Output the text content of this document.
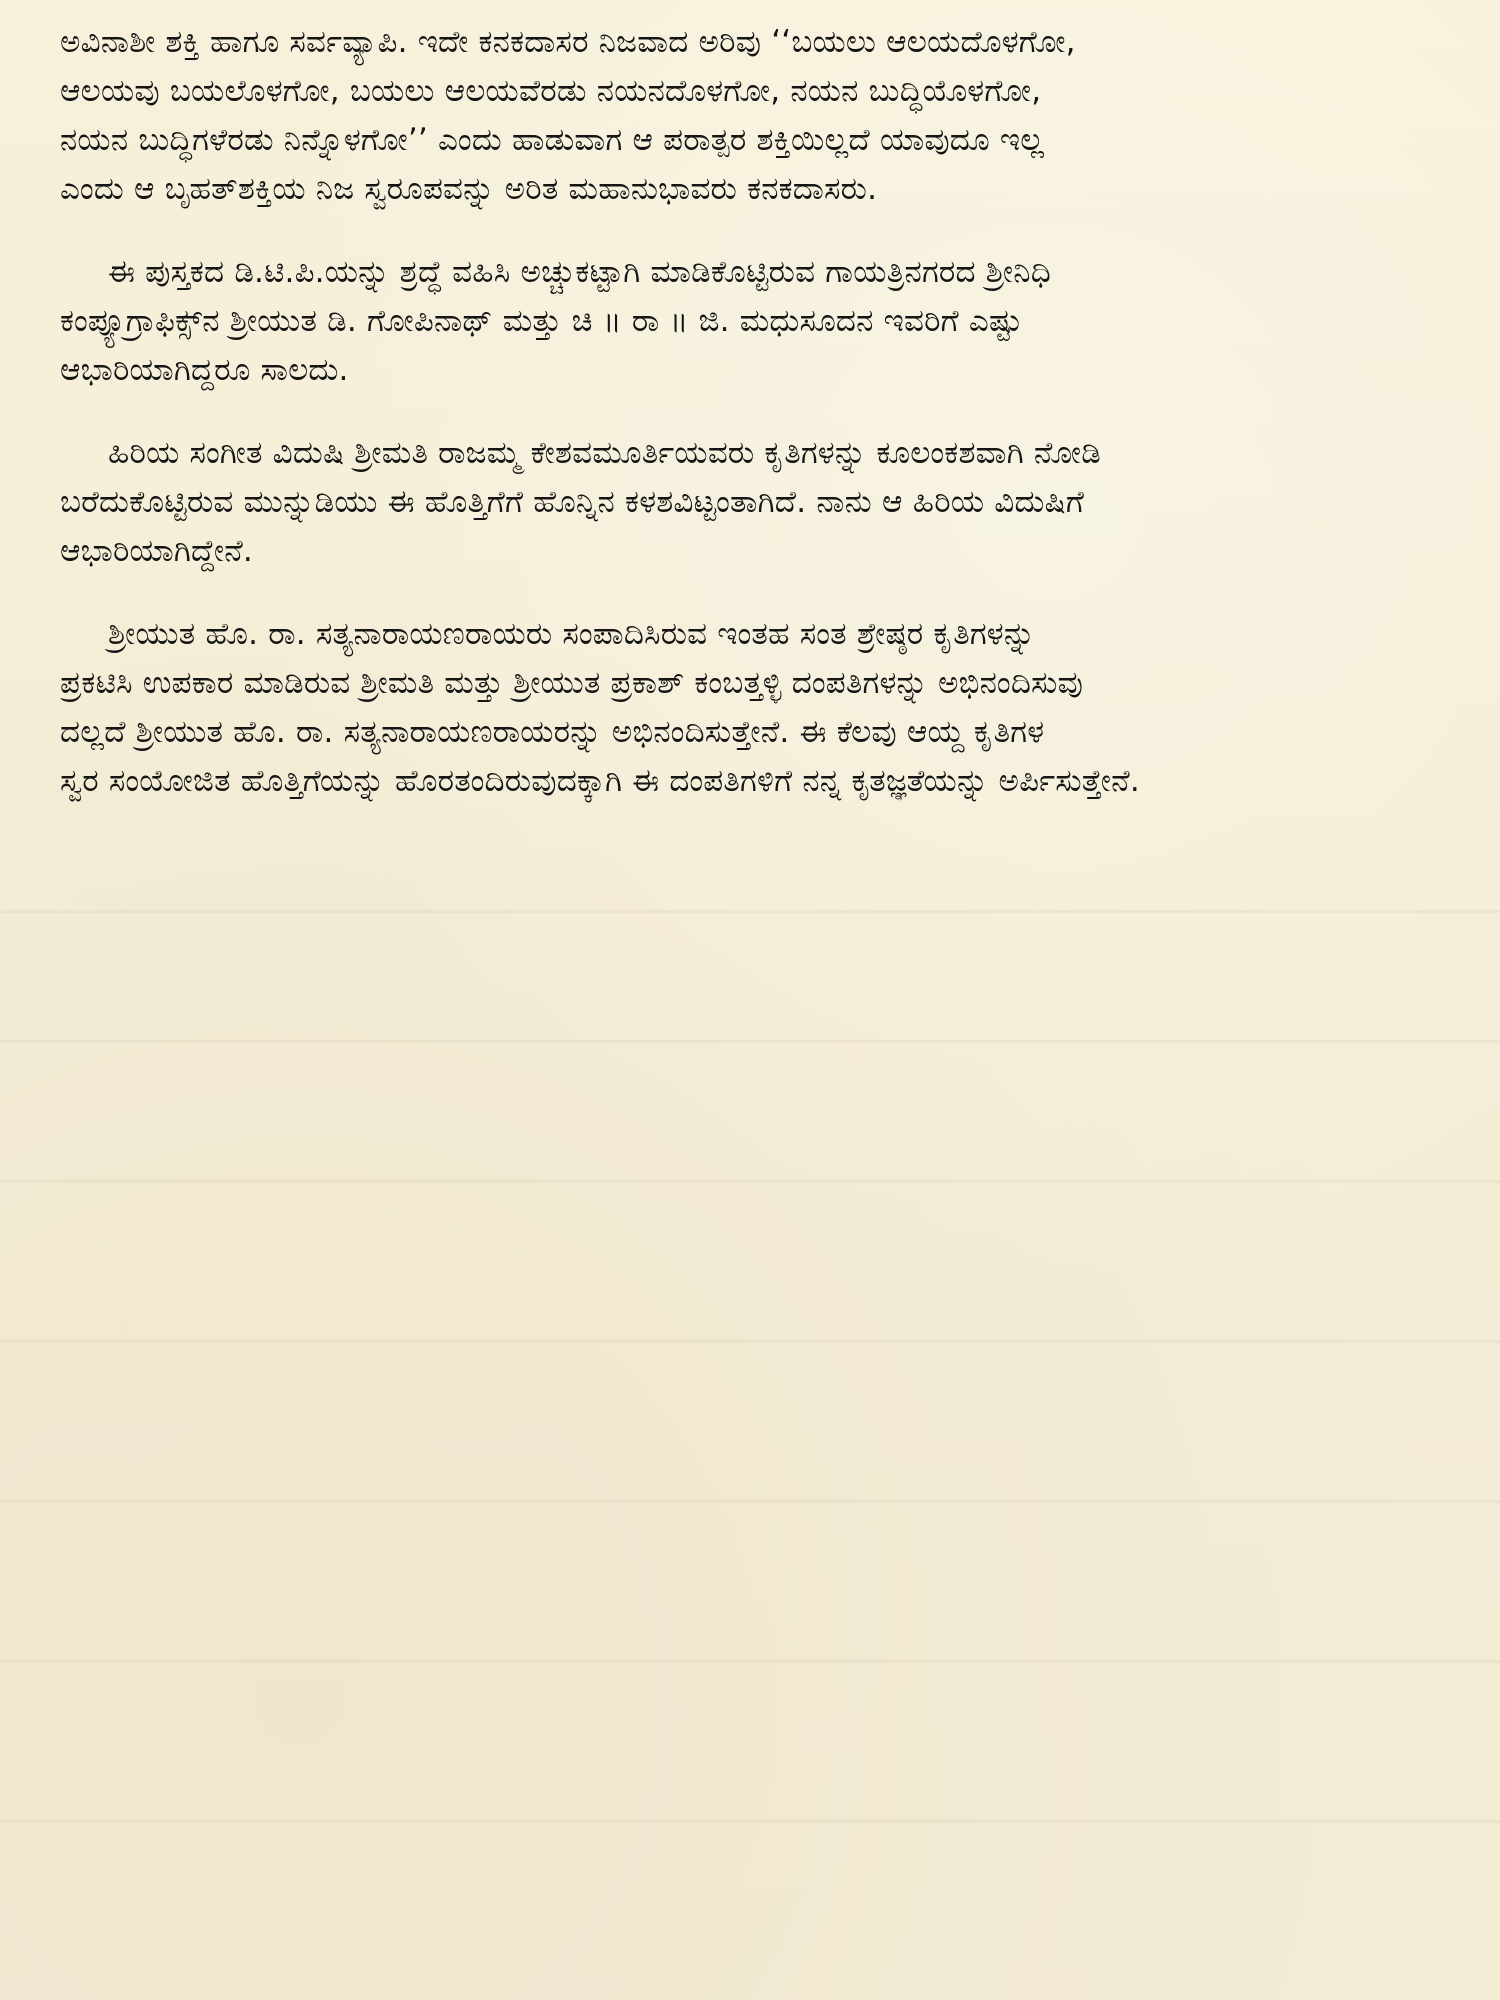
ಅವಿನಾಶೀ ಶಕ್ತಿ ಹಾಗೂ ಸರ್ವವ್ಯಾಪಿ. ಇದೇ ಕನಕದಾಸರ ನಿಜವಾದ ಅರಿವು ‘‘ಬಯಲು ಆಲಯದೊಳಗೋ,
ಆಲಯವು ಬಯಲೊಳಗೋ, ಬಯಲು ಆಲಯವೆರಡು ನಯನದೊಳಗೋ, ನಯನ ಬುದ್ಧಿಯೊಳಗೋ,
ನಯನ ಬುದ್ಧಿಗಳೆರಡು ನಿನ್ನೊಳಗೋ’’ ಎಂದು ಹಾಡುವಾಗ ಆ ಪರಾತ್ಪರ ಶಕ್ತಿಯಿಲ್ಲದೆ ಯಾವುದೂ ಇಲ್ಲ
ಎಂದು ಆ ಬೃಹತ್‌ಶಕ್ತಿಯ ನಿಜ ಸ್ವರೂಪವನ್ನು ಅರಿತ ಮಹಾನುಭಾವರು ಕನಕದಾಸರು.

ಈ ಪುಸ್ತಕದ ಡಿ.ಟಿ.ಪಿ.ಯನ್ನು ಶ್ರದ್ಧೆ ವಹಿಸಿ ಅಚ್ಚುಕಟ್ಟಾಗಿ ಮಾಡಿಕೊಟ್ಟಿರುವ ಗಾಯತ್ರಿನಗರದ ಶ್ರೀನಿಧಿ
ಕಂಪ್ಯೂಗ್ರಾಫಿಕ್ಸ್‌ನ ಶ್ರೀಯುತ ಡಿ. ಗೋಪಿನಾಥ್ ಮತ್ತು ಚಿ ॥ ರಾ ॥ ಜಿ. ಮಧುಸೂದನ ಇವರಿಗೆ ಎಷ್ಟು
ಆಭಾರಿಯಾಗಿದ್ದರೂ ಸಾಲದು.

ಹಿರಿಯ ಸಂಗೀತ ವಿದುಷಿ ಶ್ರೀಮತಿ ರಾಜಮ್ಮ ಕೇಶವಮೂರ್ತಿಯವರು ಕೃತಿಗಳನ್ನು ಕೂಲಂಕಶವಾಗಿ ನೋಡಿ
ಬರೆದುಕೊಟ್ಟಿರುವ ಮುನ್ನುಡಿಯು ಈ ಹೊತ್ತಿಗೆಗೆ ಹೊನ್ನಿನ ಕಳಶವಿಟ್ಟಂತಾಗಿದೆ. ನಾನು ಆ ಹಿರಿಯ ವಿದುಷಿಗೆ
ಆಭಾರಿಯಾಗಿದ್ದೇನೆ.

ಶ್ರೀಯುತ ಹೊ. ರಾ. ಸತ್ಯನಾರಾಯಣರಾಯರು ಸಂಪಾದಿಸಿರುವ ಇಂತಹ ಸಂತ ಶ್ರೇಷ್ಠರ ಕೃತಿಗಳನ್ನು
ಪ್ರಕಟಿಸಿ ಉಪಕಾರ ಮಾಡಿರುವ ಶ್ರೀಮತಿ ಮತ್ತು ಶ್ರೀಯುತ ಪ್ರಕಾಶ್ ಕಂಬತ್ತಳ್ಳಿ ದಂಪತಿಗಳನ್ನು ಅಭಿನಂದಿಸುವು
ದಲ್ಲದೆ ಶ್ರೀಯುತ ಹೊ. ರಾ. ಸತ್ಯನಾರಾಯಣರಾಯರನ್ನು ಅಭಿನಂದಿಸುತ್ತೇನೆ. ಈ ಕೆಲವು ಆಯ್ದ ಕೃತಿಗಳ
ಸ್ವರ ಸಂಯೋಜಿತ ಹೊತ್ತಿಗೆಯನ್ನು ಹೊರತಂದಿರುವುದಕ್ಕಾಗಿ ಈ ದಂಪತಿಗಳಿಗೆ ನನ್ನ ಕೃತಜ್ಞತೆಯನ್ನು ಅರ್ಪಿಸುತ್ತೇನೆ.
